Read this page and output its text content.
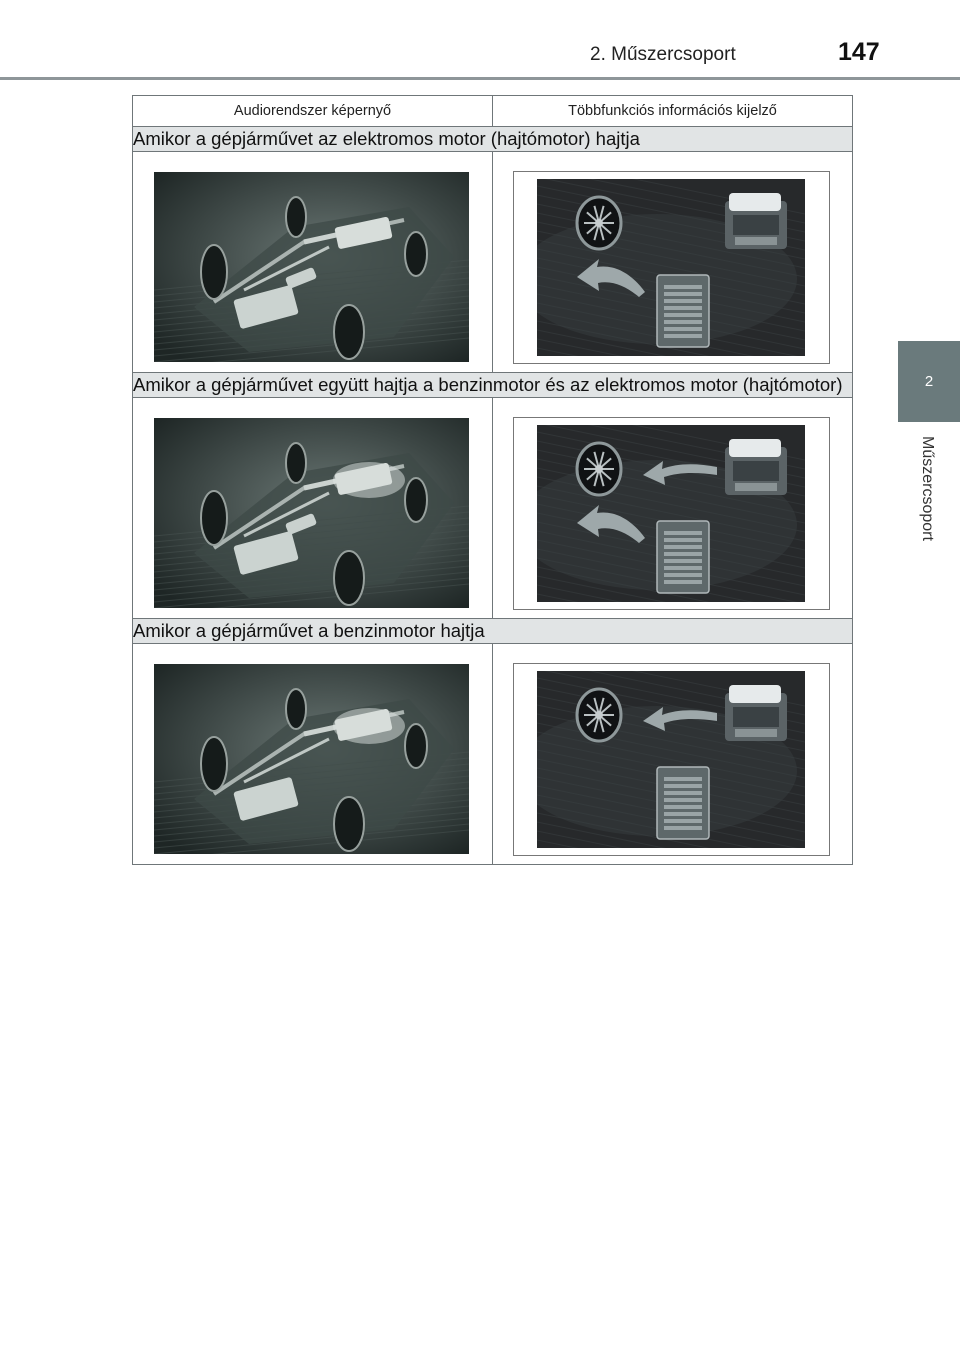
2. Műszercsoport	147
2
Műszercsoport
Audiorendszer képernyő	Többfunkciós információs kijelző
Amikor a gépjárművet az elektromos motor (hajtómotor) hajtja	

Amikor a gépjárművet együtt hajtja a benzinmotor és az elektromos motor (hajtómotor)	

Amikor a gépjárművet a benzinmotor hajtja	
